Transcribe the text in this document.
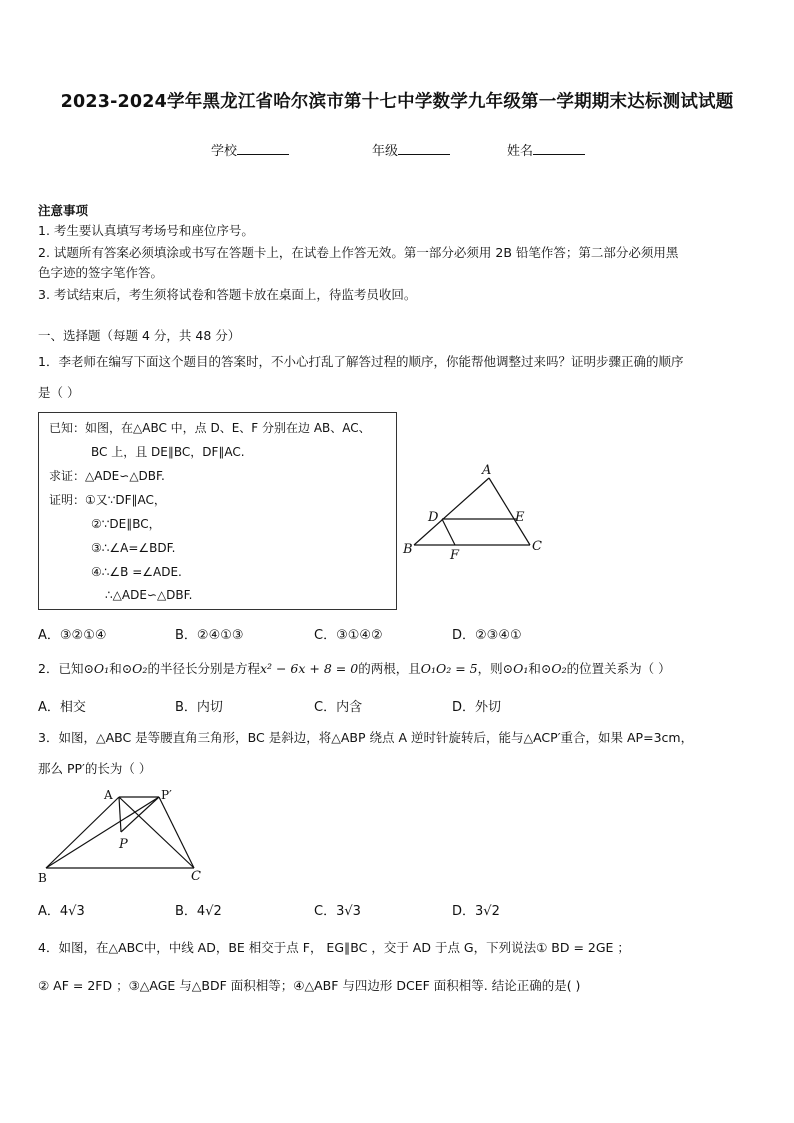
2023-2024学年黑龙江省哈尔滨市第十七中学数学九年级第一学期期末达标测试试题
学校	年级	姓名
注意事项
1. 考生要认真填写考场号和座位序号。
2. 试题所有答案必须填涂或书写在答题卡上，在试卷上作答无效。第一部分必须用 2B 铅笔作答；第二部分必须用黑
色字迹的签字笔作答。
3. 考试结束后，考生须将试卷和答题卡放在桌面上，待监考员收回。
一、选择题（每题 4 分，共 48 分）
1．李老师在编写下面这个题目的答案时，不小心打乱了解答过程的顺序，你能帮他调整过来吗？证明步骤正确的顺序
是（ ）
已知：如图，在△ABC 中，点 D、E、F 分别在边 AB、AC、
BC 上，且 DE∥BC，DF∥AC.
求证：△ADE∽△DBF.
证明：①又∵DF∥AC，
②∵DE∥BC，
③∴∠A=∠BDF.
④∴∠B =∠ADE.
∴△ADE∽△DBF.
A
D	E
B	F
C
A．③②①④	B．②④①③	C．③①④②	D．②③④①
2．已知⊙O₁和⊙O₂的半径长分别是方程x² − 6x + 8 = 0的两根，且O₁O₂ = 5，则⊙O₁和⊙O₂的位置关系为（ ）
A．相交	B．内切	C．内含	D．外切
3．如图，△ABC 是等腰直角三角形，BC 是斜边，将△ABP 绕点 A 逆时针旋转后，能与△ACP′重合，如果 AP=3cm，
那么 PP′的长为（ ）
A	P′
P
B	C
A．4√3	B．4√2	C．3√3	D．3√2
4．如图，在△ABC中，中线 AD，BE 相交于点 F， EG∥BC ，交于 AD 于点 G，下列说法① BD = 2GE ；
② AF = 2FD ；③△AGE 与△BDF 面积相等；④△ABF 与四边形 DCEF 面积相等. 结论正确的是( )
